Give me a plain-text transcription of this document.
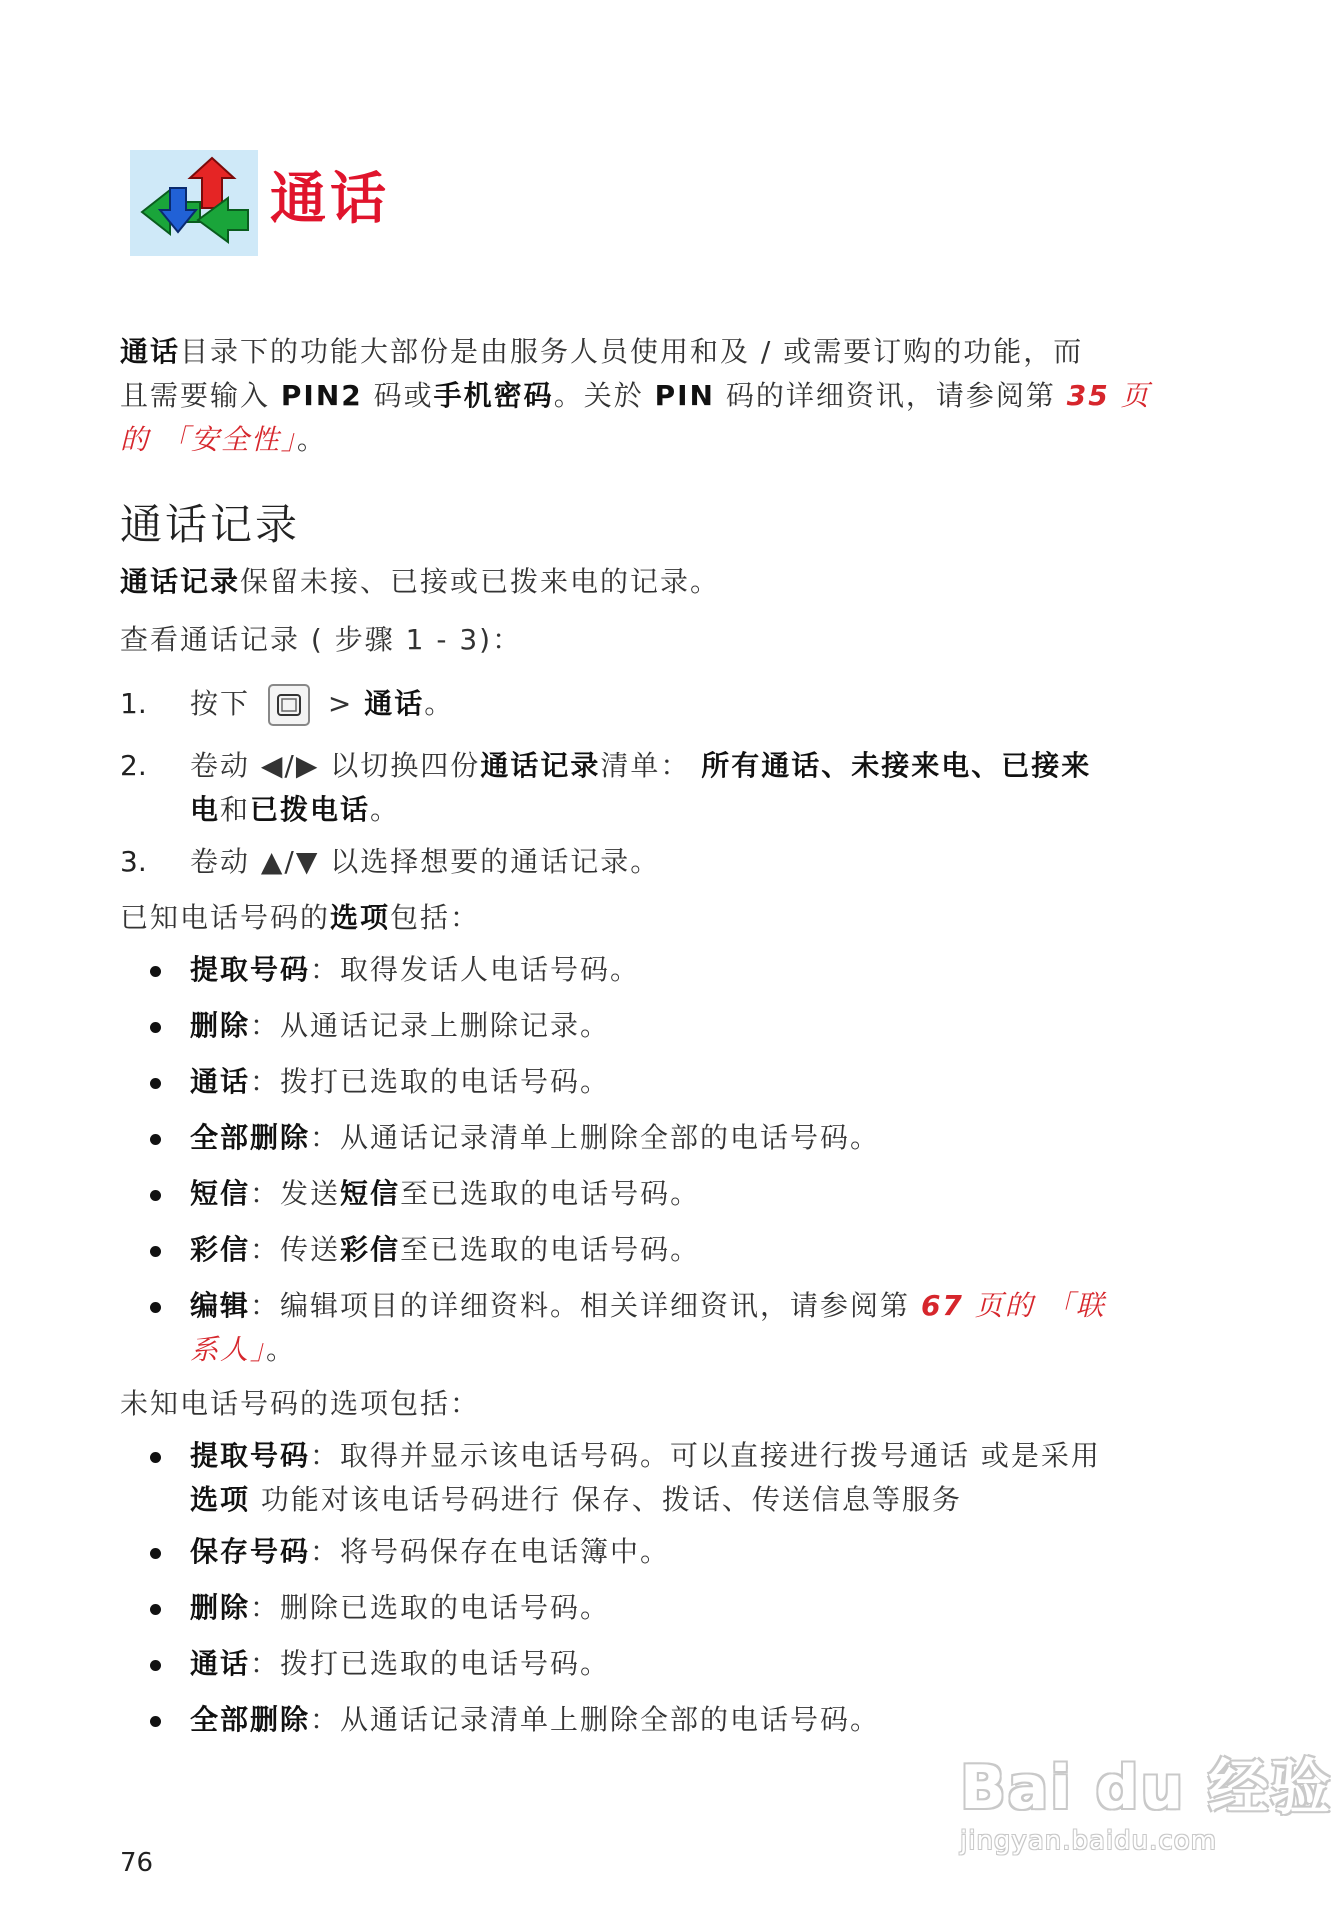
通话
通话目录下的功能大部份是由服务人员使用和及 / 或需要订购的功能，而
且需要输入 PIN2 码或手机密码。关於 PIN 码的详细资讯，请参阅第 35 页
的 「安全性」。
通话记录
通话记录保留未接、已接或已拨来电的记录。
查看通话记录 ( 步骤 1 - 3)：
1. 按下	> 通话。
2. 卷动 ◀/▶ 以切换四份通话记录清单： 所有通话、未接来电、已接来
电和已拨电话。
3. 卷动 ▲/▼ 以选择想要的通话记录。
已知电话号码的选项包括：
提取号码：取得发话人电话号码。
删除：从通话记录上删除记录。
通话：拨打已选取的电话号码。
全部删除：从通话记录清单上删除全部的电话号码。
短信：发送短信至已选取的电话号码。
彩信：传送彩信至已选取的电话号码。
编辑：编辑项目的详细资料。相关详细资讯，请参阅第 67 页的 「联
系人」。
未知电话号码的选项包括：
提取号码：取得并显示该电话号码。可以直接进行拨号通话 或是采用
选项 功能对该电话号码进行 保存、拨话、传送信息等服务
保存号码：将号码保存在电话簿中。
删除：删除已选取的电话号码。
通话：拨打已选取的电话号码。
全部删除：从通话记录清单上删除全部的电话号码。
Bai du 经验
jingyan.baidu.com
76
